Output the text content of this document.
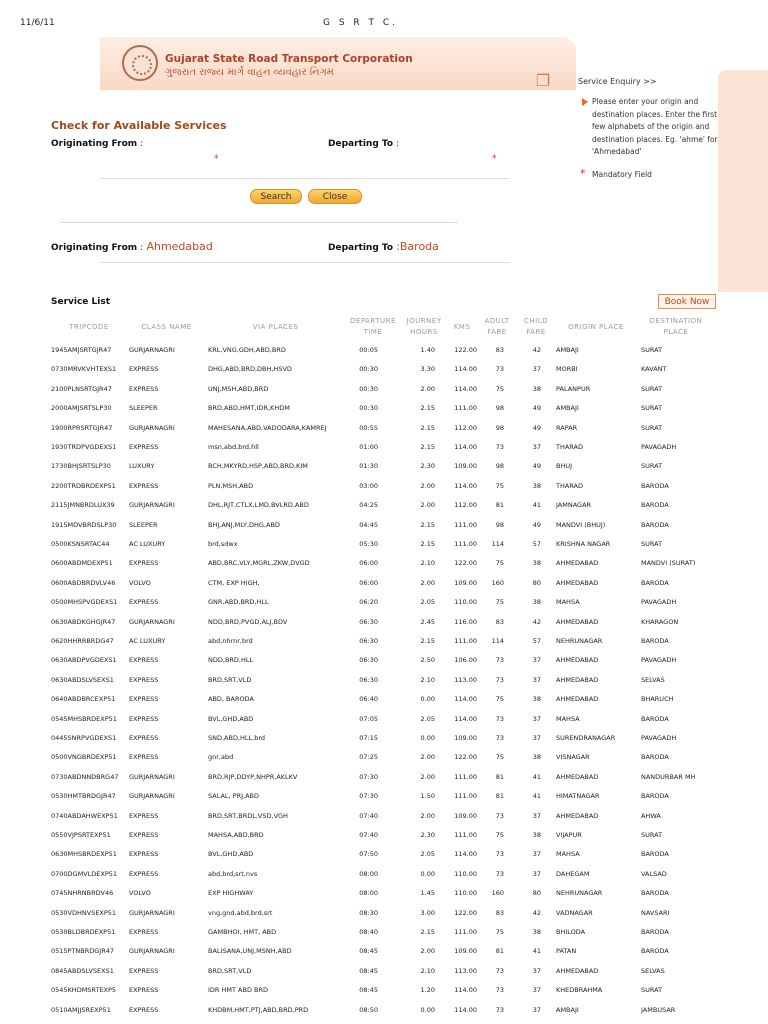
11/6/11	G S R T C.
Gujarat State Road Transport Corporation
ગુજરાત રાજ્ય માર્ગ વાહન વ્યવહાર નિગમ	❐	Service Enquiry >>
Please enter your origin and destination places. Enter the first few alphabets of the origin and destination places. Eg. 'ahme' for 'Ahmedabad'
* Mandatory Field
Check for Available Services
Originating From :	Departing To :
*	*
Search	Close
Originating From : Ahmedabad	Departing To :Baroda
Service List	Book Now
TRIPCODE	CLASS NAME	VIA PLACES
DEPARTURE TIME
JOURNEY HOURS
KMS
ADULT FARE
CHILD FARE
ORIGIN PLACE
DESTINATION PLACE
1945AMJSRTGJR47	GURJARNAGRI	KRL,VNG,GDH,ABD,BRD	00:05	1.40	122.00	83	42 AMBAJI	SURAT
0730MRVKVHTEXS1	EXPRESS	DHG,ABD,BRD,DBH,HSVD	00:30	3.30	114.00	73	37 MORBI	KAVANT
2100PLNSRTGJR47	EXPRESS	UNJ,MSH,ABD,BRD	00:30	2.00	114.00	75	38 PALANPUR	SURAT
2000AMJSRTSLP30	SLEEPER	BRD,ABD,HMT,IDR,KHDM	00:30	2.15	111.00	98	49 AMBAJI	SURAT
1900RPRSRTGJR47	GURJARNAGRI	MAHESANA,ABD,VADODARA,KAMREJ	00:55	2.15	112.00	98	49 RAPAR	SURAT
1930TRDPVGDEXS1	EXPRESS	msn,abd,brd,hll	01:00	2.15	114.00	73	37 THARAD	PAVAGADH
1730BHJSRTSLP30	LUXURY	BCH,MKYRD,HSP,ABD,BRD,KIM	01:30	2.30	109.00	98	49 BHUJ	SURAT
2200TRDBRDEXP51	EXPRESS	PLN,MSH,ABD	03:00	2.00	114.00	75	38 THARAD	BARODA
2115JMNBRDLUX39	GURJARNAGRI	DHL,RJT,CTLX,LMD,BVLRD,ABD	04:25	2.00	112.00	81	41 JAMNAGAR	BARODA
1915MDVBRDSLP30	SLEEPER	BHJ,ANJ,MLY,DHG,ABD	04:45	2.15	111.00	98	49 MANDVI (BHUJ)	BARODA
0500KSNSRTAC44	AC LUXURY	brd,sdwx	05:30	2.15	111.00 114	57 KRISHNA NAGAR	SURAT
0600ABDMDEXP51	EXPRESS	ABD,BRC,VLY,MGRL,ZKW,DVGD	06:00	2.10	122.00	75	38 AHMEDABAD	MANDVI (SURAT)
0600ABDBRDVLV46	VOLVO	CTM, EXP HIGH,	06:00	2.00	109.00 160	80 AHMEDABAD	BARODA
0500MHSPVGDEXS1	EXPRESS	GNR,ABD,BRD,HLL	06:20	2.05	110.00	75	38 MAHSA	PAVAGADH
0630ABDKGHGJR47	GURJARNAGRI	NDD,BRD,PVGD,ALJ,BDV	06:30	2.45	116.00	83	42 AHMEDABAD	KHARAGON
0620HHRRBRDG47	AC LUXURY	abd,nhrnr,brd	06:30	2.15	111.00 114	57 NEHRUNAGAR	BARODA
0630ABDPVGDEXS1	EXPRESS	NDD,BRD,HLL	06:30	2.50	106.00	73	37 AHMEDABAD	PAVAGADH
0630ABDSLVSEXS1	EXPRESS	BRD,SRT,VLD	06:30	2.10	113.00	73	37 AHMEDABAD	SELVAS
0640ABDBRCEXP51	EXPRESS	ABD, BARODA	06:40	0.00	114.00	75	38 AHMEDABAD	BHARUCH
0545MHSBRDEXP51	EXPRESS	BVL,GHD,ABD	07:05	2.05	114.00	73	37 MAHSA	BARODA
0445SNRPVGDEXS1	EXPRESS	SND,ABD,HLL,brd	07:15	0.00	109.00	73	37 SURENDRANAGAR	PAVAGADH
0500VNGBRDEXP51	EXPRESS	gnr,abd	07:25	2.00	122.00	75	38 VISNAGAR	BARODA
0730ABDNNDBRG47	GURJARNAGRI	BRD,RJP,DDYP,NHPR,AKLKV	07:30	2.00	111.00	81	41 AHMEDABAD	NANDURBAR MH
0530HMTBRDGJR47	GURJARNAGRI	SALAL, PRJ,ABD	07:30	1.50	111.00	81	41 HIMATNAGAR	BARODA
0740ABDAHWEXP51	EXPRESS	BRD,SRT,BRDL,VSD,VGH	07:40	2.00	109.00	73	37 AHMEDABAD	AHWA
0550VJPSRTEXP51	EXPRESS	MAHSA,ABD,BRD	07:40	2.30	111.00	75	38 VIJAPUR	SURAT
0630MHSBRDEXP51	EXPRESS	BVL,GHD,ABD	07:50	2.05	114.00	73	37 MAHSA	BARODA
0700DGMVLDEXP51	EXPRESS	abd,brd,srt,nvs	08:00	0.00	110.00	73	37 DAHEGAM	VALSAD
0745NHRNBRDV46	VOLVO	EXP HIGHWAY	08:00	1.45	110.00 160	80 NEHRUNAGAR	BARODA
0530VDHNVSEXP51	GURJARNAGRI	vng,gnd,abd,brd,srt	08:30	3.00	122.00	83	42 VADNAGAR	NAVSARI
0530BLDBRDEXP51	EXPRESS	GAMBHOI, HMT, ABD	08:40	2.15	111.00	75	38 BHILODA	BARODA
0515PTNBRDGJR47	GURJARNAGRI	BALISANA,UNJ,MSNH,ABD	08:45	2.00	109.00	81	41 PATAN	BARODA
0845ABDSLVSEXS1	EXPRESS	BRD,SRT,VLD	08:45	2.10	113.00	73	37 AHMEDABAD	SELVAS
0545KHDMSRTEXP5	EXPRESS	IDR HMT ABD BRD	08:45	1.20	114.00	73	37 KHEDBRAHMA	SURAT
0510AMJJSREXP51	EXPRESS	KHDBM,HMT,PTJ,ABD,BRD,PRD	08:50	0.00	114.00	73	37 AMBAJI	JAMBUSAR
